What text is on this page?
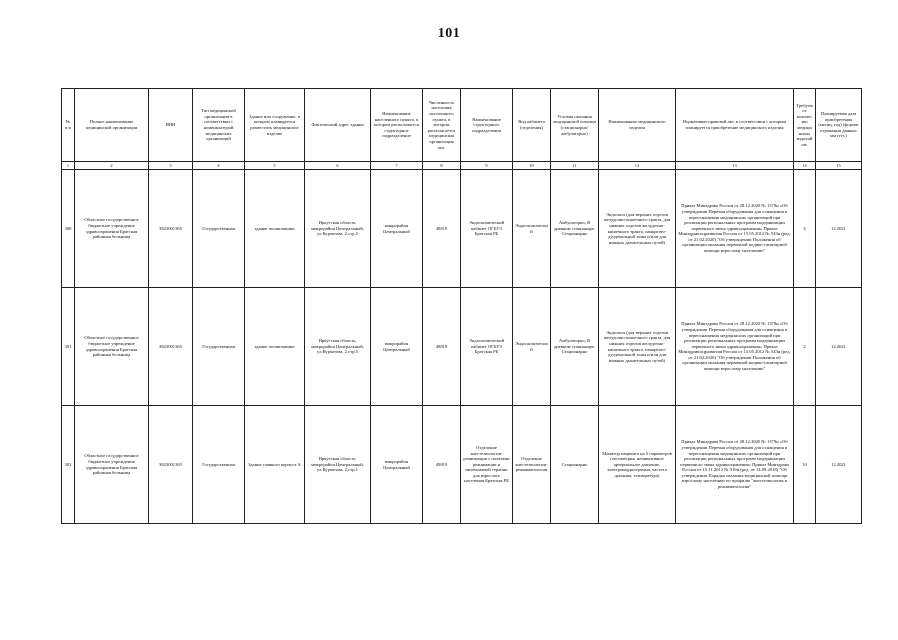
101
№ п/п	Полное наименование медицинской организации	ИНН	Тип медицинской организации в соответствии с номенклатурой медицинских организаций	Здание или сооружение, в котором планируется разместить медицинское изделие	Фактический адрес здания	Наименование населенного пункта, в котором расположится структурное подразделение	Численность населения населенного пункта, в котором располагается медицинская организация чел.	Наименование структурного подразделения	Вид кабинета (отделения)	Условия оказания медицинской помощи (стационарно/амбулаторно)	Наименование медицинского изделия	Нормативно-правовой акт, в соответствии с которым планируется приобретение медицинского изделия	Требуемое количество медицинских изделий шт.	Планируемая дата приобретения (месяц, год) (формат отражения данных мм гггг.)
1	2	3	4	5	6	7	8	9	10	11	12	13	14	15
300	Областное государственное бюджетное учреждение здравоохранения Братская районная больница	3823001365	Государственная	здание поликлиники	Иркутская область, микрорайон Центральный, ул.Курчатова, 2,стр.5	микрорайон Центральный	49819	Эндоскопический кабинет ОГБУЗ Братская РБ	Эндоскопический	Амбулаторно, В дневном стационаре, Стационарно	Эндоскоп (для верхних отделов желудочно-кишечного тракта, для нижних отделов желудочно-кишечного тракта, панкреато-дуоденальной зоны и/или для нижних дыхательных путей)	Приказ Минздрава России от 28.12.2020 № 1379н «Об утверждении Перечня оборудования для оснащения и переоснащения медицинских организаций при реализации региональных программ модернизации первичного звена здравоохранения» Приказ Минздравсоцразвития России от 15.05.2012 № 543н (ред. от 21.02.2020) "Об утверждении Положения об организации оказания первичной медико-санитарной помощи взрослому населению"	4	12.2021
301	Областное государственное бюджетное учреждение здравоохранения Братская районная больница	3823001365	Государственная	здание поликлиники	Иркутская область, микрорайон Центральный, ул.Курчатова, 2,стр.5	микрорайон Центральный	49819	Эндоскопический кабинет ОГБУЗ Братская РБ	Эндоскопический	Амбулаторно, В дневном стационаре, Стационарно	Эндоскоп (для верхних отделов желудочно-кишечного тракта, для нижних отделов желудочно-кишечного тракта, панкреато-дуоденальной зоны и/или для нижних дыхательных путей)	Приказ Минздрава России от 28.12.2020 № 1379н «Об утверждении Перечня оборудования для оснащения и переоснащения медицинских организаций при реализации региональных программ модернизации первичного звена здравоохранения» Приказ Минздравсоцразвития России от 15.05.2012 № 543н (ред. от 21.02.2020) "Об утверждении Положения об организации оказания первичной медико-санитарной помощи взрослому населению"	2	12.2021
302	Областное государственное бюджетное учреждение здравоохранения Братская районная больница	3823001365	Государственная	Здание главного корпуса А	Иркутская область, микрорайон Центральный, ул.Курчатова, 2,стр.1	микрорайон Центральный	49819	Отделение анестезиологии-реанимации с палатами реанимации и интенсивной терапии для взрослого населения Братская РБ	Отделение анестезиологии-реаниматологии	Стационарно	Монитор пациента на 5 параметров (оксиметрия, неинвазивное артериальное давление, электрокардиограмма, частота дыхания, температура)	Приказ Минздрава России от 28.12.2020 № 1379н «Об утверждении Перечня оборудования для оснащения и переоснащения медицинских организаций при реализации региональных программ модернизации первичного звена здравоохранения» Приказ Минздрава России от 15.11.2012 № 919н (ред. от 14.09.2018) "Об утверждении Порядка оказания медицинской помощи взрослому населению по профилю "анестезиология и реаниматология"	10	12.2021
